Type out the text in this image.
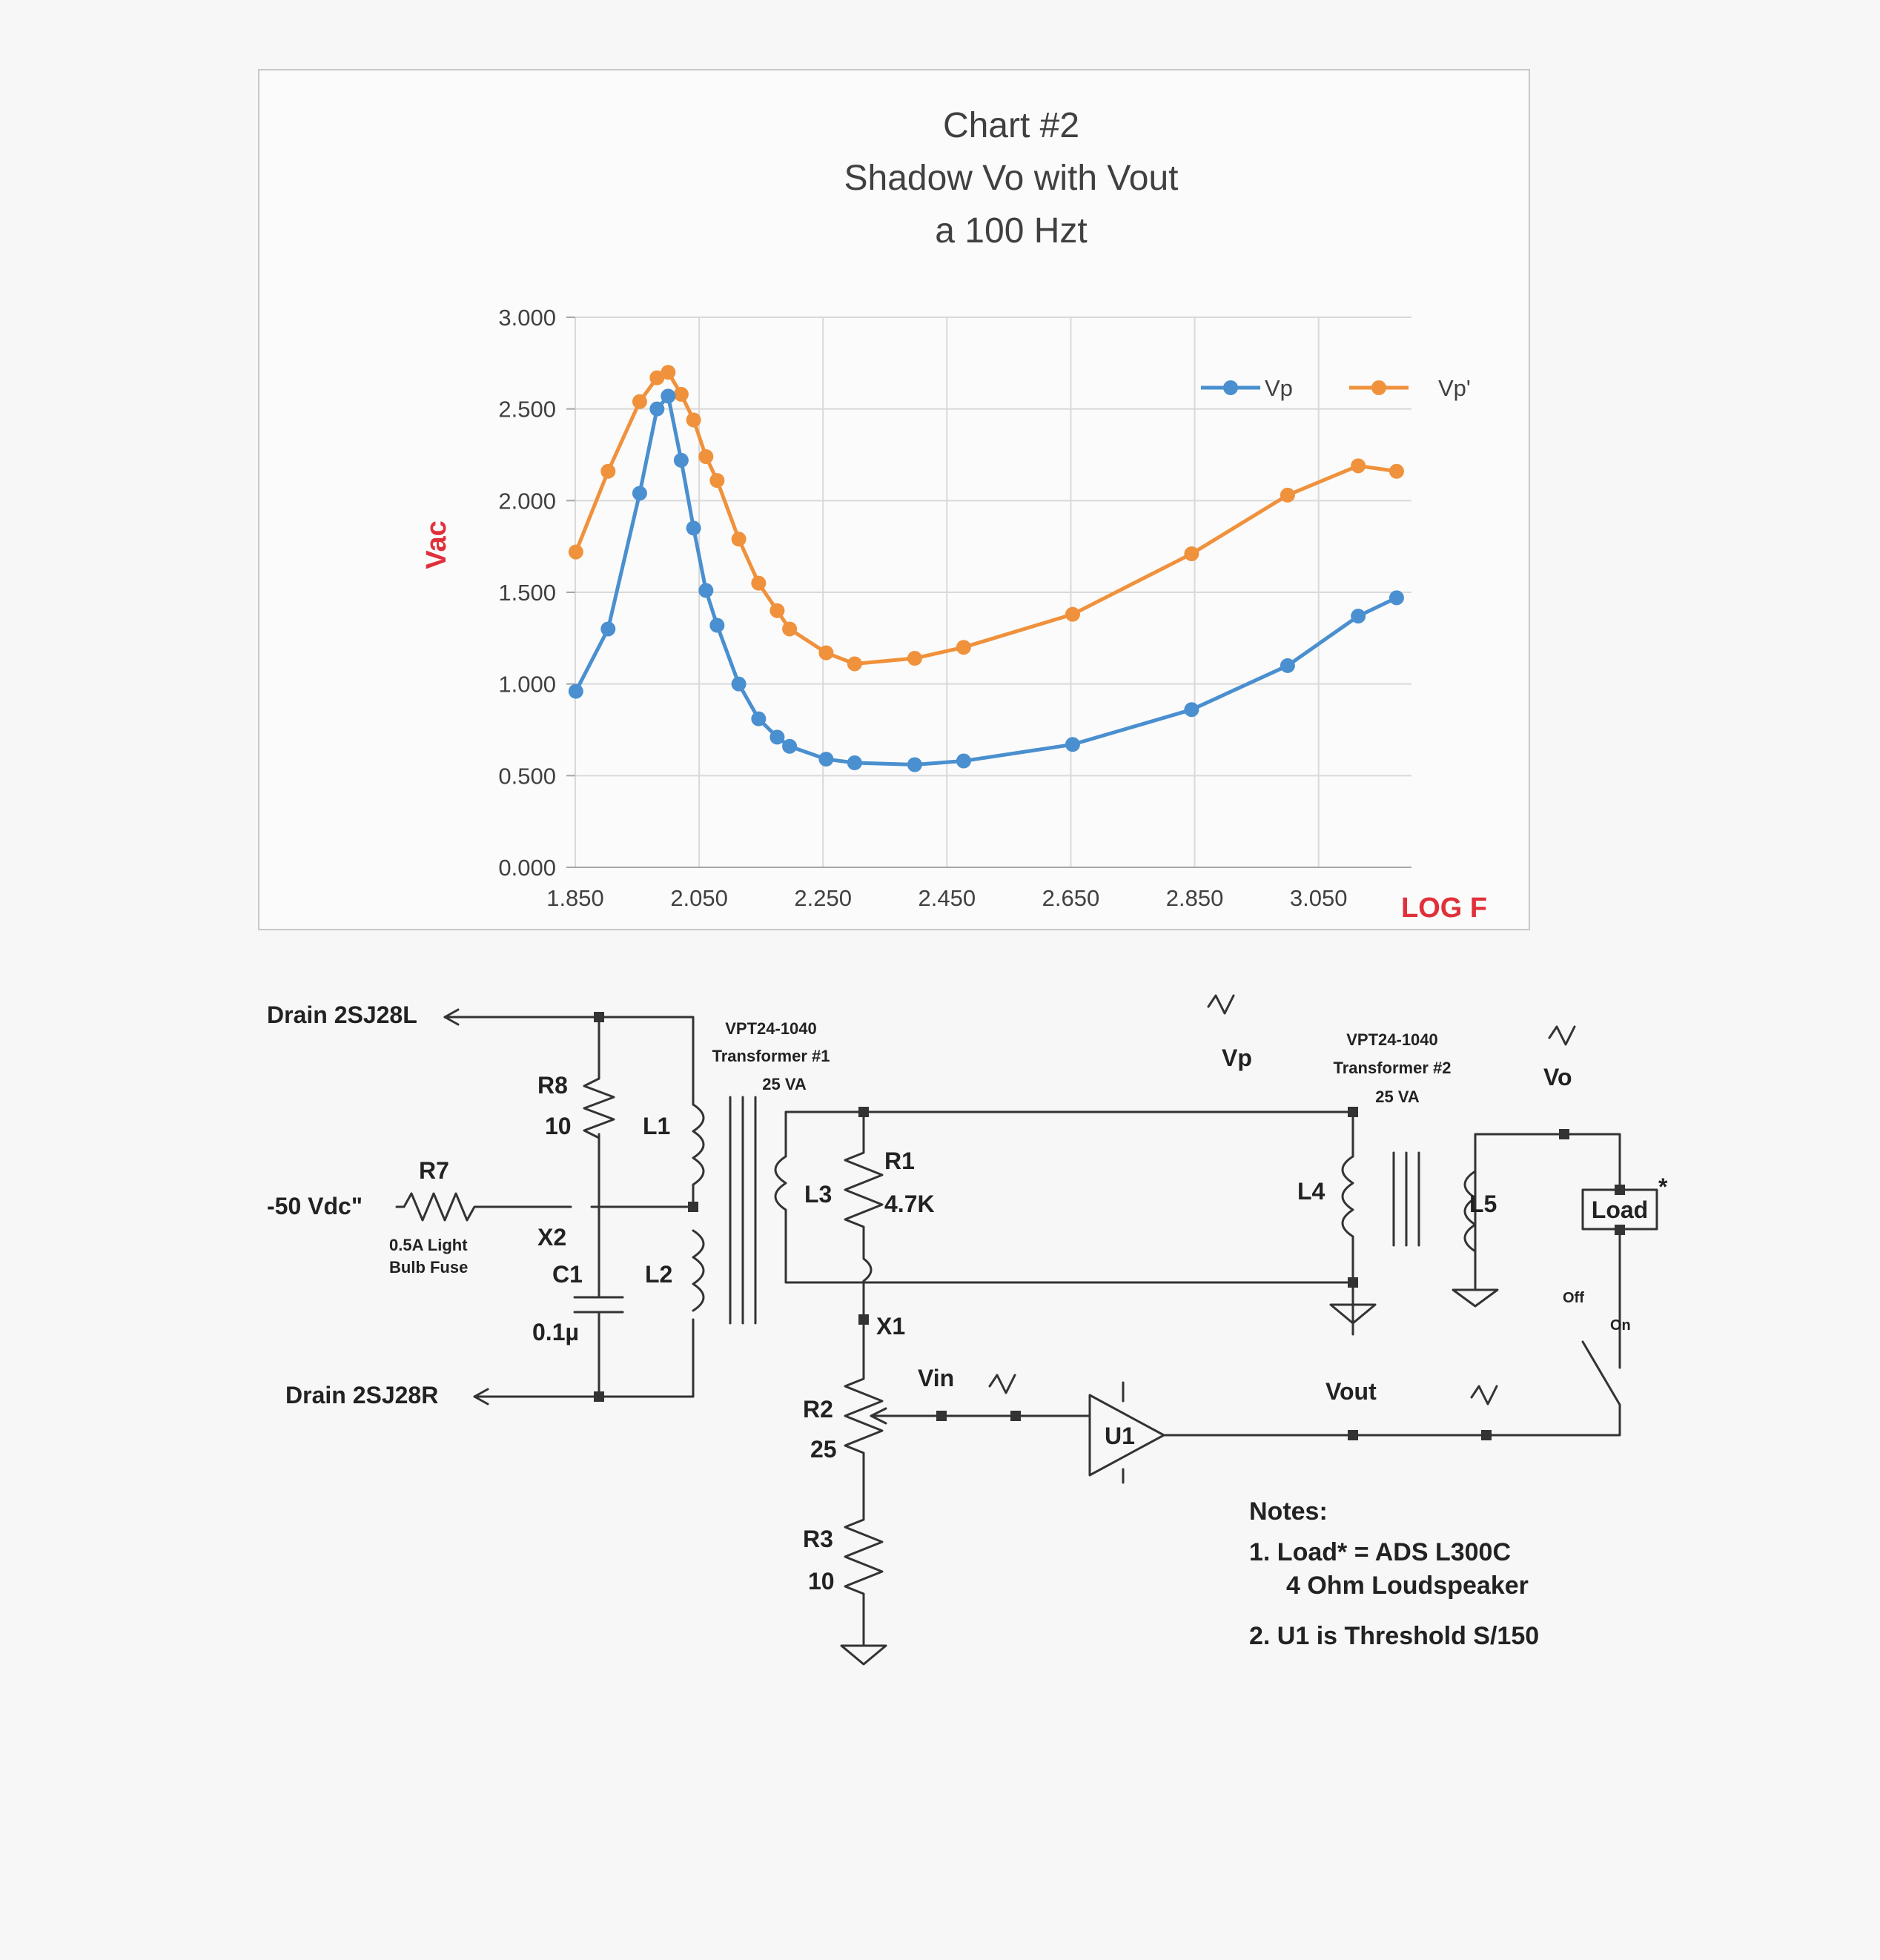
Chart #2
Shadow Vo with Vout
a 100 Hzt
Vac
LOG F
1.850	2.050	2.250	2.450	2.650	2.850	3.050
0.000
0.500
1.000
1.500
2.000
2.500
3.000
Vp	Vp'
Drain 2SJ28L
Drain 2SJ28R
-50 Vdc"
R7
0.5A Light
Bulb Fuse
R8
10
X2
C1
0.1µ
L1
L2
VPT24-1040
Transformer #1
25 VA
L3
R1
4.7K
X1
Vp
VPT24-1040
Transformer #2
25 VA
L4	L5
Vo
Load
*
Off
On
Vin
R2
25
R3
10
U1
Vout
Notes:
1. Load* = ADS L300C
4 Ohm Loudspeaker
2. U1 is Threshold S/150
